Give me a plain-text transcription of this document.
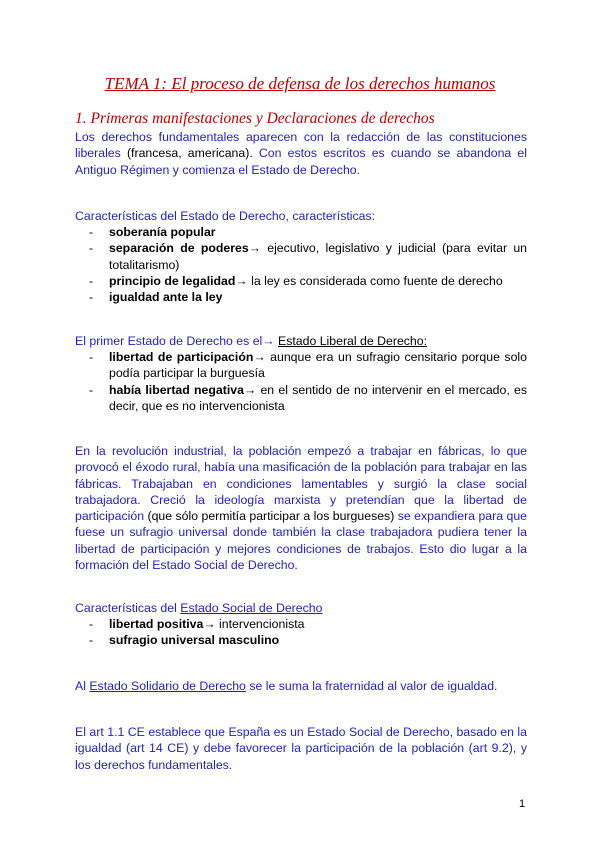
TEMA 1: El proceso de defensa de los derechos humanos
1. Primeras manifestaciones y Declaraciones de derechos
Los derechos fundamentales aparecen con la redacción de las constituciones liberales (francesa, americana). Con estos escritos es cuando se abandona el Antiguo Régimen y comienza el Estado de Derecho.
Características del Estado de Derecho, características:
- soberanía popular
- separación de poderes→ ejecutivo, legislativo y judicial (para evitar un totalitarismo)
- principio de legalidad→ la ley es considerada como fuente de derecho
- igualdad ante la ley
El primer Estado de Derecho es el→ Estado Liberal de Derecho:
- libertad de participación→ aunque era un sufragio censitario porque solo podía participar la burguesía
- había libertad negativa→ en el sentido de no intervenir en el mercado, es decir, que es no intervencionista
En la revolución industrial, la población empezó a trabajar en fábricas, lo que provocó el éxodo rural, había una masificación de la población para trabajar en las fábricas. Trabajaban en condiciones lamentables y surgió la clase social trabajadora. Creció la ideología marxista y pretendían que la libertad de participación (que sólo permitía participar a los burgueses) se expandiera para que fuese un sufragio universal donde también la clase trabajadora pudiera tener la libertad de participación y mejores condiciones de trabajos. Esto dio lugar a la formación del Estado Social de Derecho.
Características del Estado Social de Derecho
- libertad positiva→ intervencionista
- sufragio universal masculino
Al Estado Solidario de Derecho se le suma la fraternidad al valor de igualdad.
El art 1.1 CE establece que España es un Estado Social de Derecho, basado en la igualdad (art 14 CE) y debe favorecer la participación de la población (art 9.2), y los derechos fundamentales.
1
